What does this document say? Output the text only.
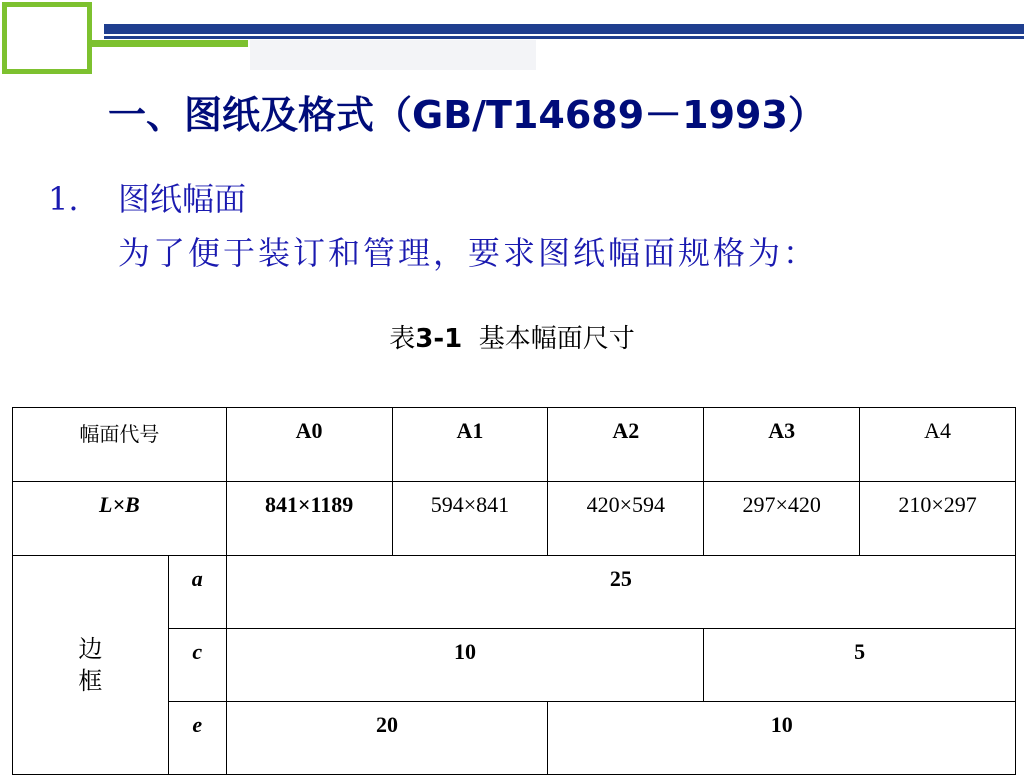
一、图纸及格式（GB/T14689－1993）
1. 图纸幅面
为了便于装订和管理，要求图纸幅面规格为：
表3-1 基本幅面尺寸
幅面代号		A0	A1	A2	A3	A4
L×B		841×1189	594×841	420×594	297×420	210×297
边
框	a	25				
	c	10			5	
	e	20		10		
